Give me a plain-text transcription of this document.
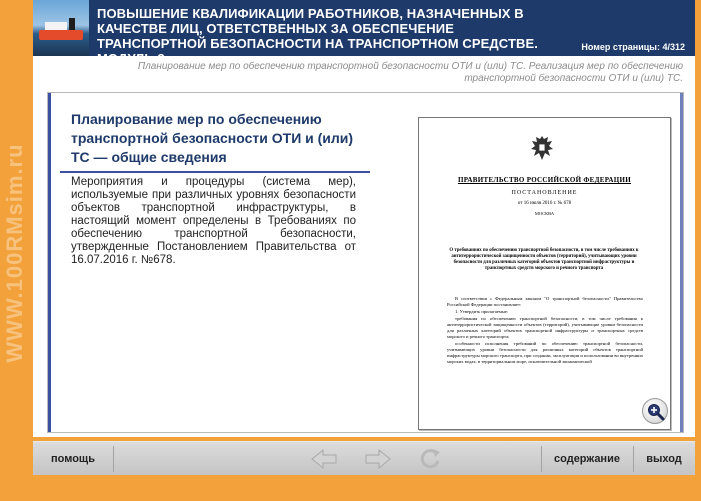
WWW.100RMsim.ru
ПОВЫШЕНИЕ КВАЛИФИКАЦИИ РАБОТНИКОВ, НАЗНАЧЕННЫХ В КАЧЕСТВЕ ЛИЦ, ОТВЕТСТВЕННЫХ ЗА ОБЕСПЕЧЕНИЕ ТРАНСПОРТНОЙ БЕЗОПАСНОСТИ НА ТРАНСПОРТНОМ СРЕДСТВЕ.	Номер страницы: 4/312
Планирование мер по обеспечению транспортной безопасности ОТИ и (или) ТС. Реализация мер по обеспечению транспортной безопасности ОТИ и (или) ТС.
Планирование мер по обеспечению транспортной безопасности ОТИ и (или) ТС — общие сведения
Мероприятия и процедуры (система мер), используемые при различных уровнях безопасности объектов транспортной инфраструктуры, в настоящий момент определены в Требованиях по обеспечению транспортной безопасности, утвержденные Постановлением Правительства от 16.07.2016 г. №678.
ПРАВИТЕЛЬСТВО РОССИЙСКОЙ ФЕДЕРАЦИИ
ПОСТАНОВЛЕНИЕ
от 16 июля 2016 г. № 678
МОСКВА
О требованиях по обеспечению транспортной безопасности, в том числе требованиях к антитеррористической защищенности объектов (территорий), учитывающих уровни безопасности для различных категорий объектов транспортной инфраструктуры и транспортных средств морского и речного транспорта

В соответствии с Федеральным законом "О транспортной безопасности" Правительство Российской Федерации постановляет:

1. Утвердить прилагаемые:

требования по обеспечению транспортной безопасности, в том числе требования к антитеррористической защищенности объектов (территорий), учитывающие уровни безопасности для различных категорий объектов транспортной инфраструктуры и транспортных средств морского и речного транспорта;

особенности исполнения требований по обеспечению транспортной безопасности, учитывающих уровни безопасности для различных категорий объектов транспортной инфраструктуры морского транспорта, при создании, эксплуатации и использовании во внутренних морских водах, в территориальном море, исключительной экономической

помощь	содержание	выход
